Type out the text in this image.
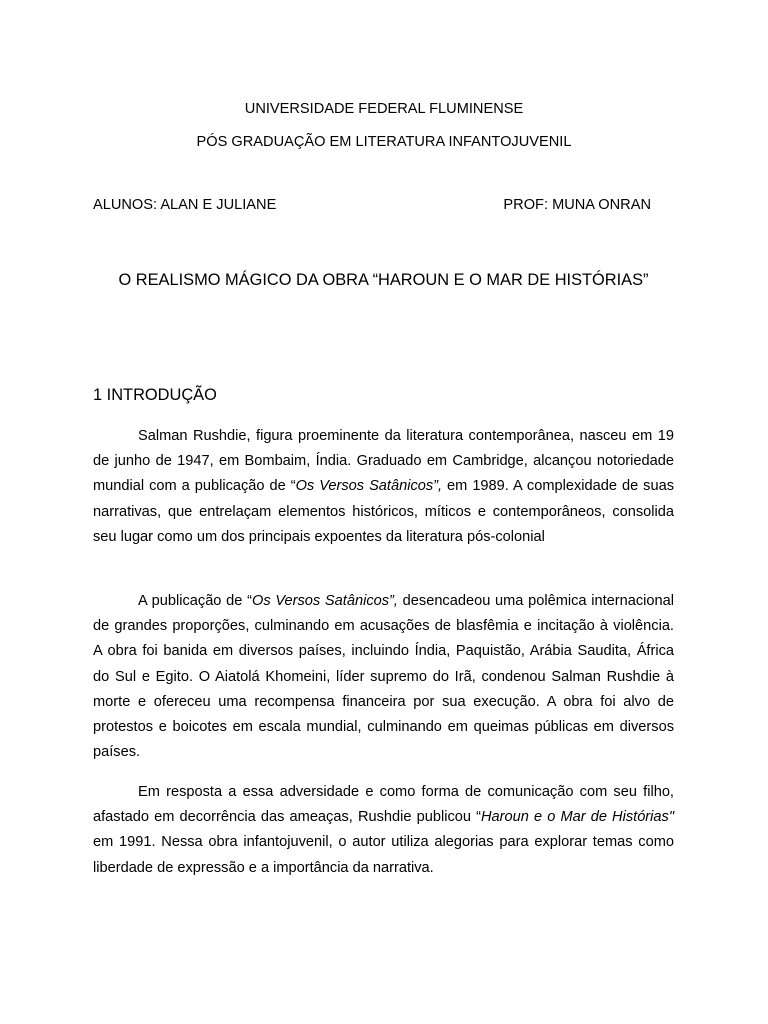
UNIVERSIDADE FEDERAL FLUMINENSE
PÓS GRADUAÇÃO EM LITERATURA INFANTOJUVENIL
ALUNOS: ALAN E JULIANE	PROF: MUNA ONRAN
O REALISMO MÁGICO DA OBRA “HAROUN E O MAR DE HISTÓRIAS”
1 INTRODUÇÃO

Salman Rushdie, figura proeminente da literatura contemporânea, nasceu em 19 de junho de 1947, em Bombaim, Índia. Graduado em Cambridge, alcançou notoriedade mundial com a publicação de “Os Versos Satânicos”, em 1989. A complexidade de suas narrativas, que entrelaçam elementos históricos, míticos e contemporâneos, consolida seu lugar como um dos principais expoentes da literatura pós-colonial

A publicação de “Os Versos Satânicos”, desencadeou uma polêmica internacional de grandes proporções, culminando em acusações de blasfêmia e incitação à violência. A obra foi banida em diversos países, incluindo Índia, Paquistão, Arábia Saudita, África do Sul e Egito. O Aiatolá Khomeini, líder supremo do Irã, condenou Salman Rushdie à morte e ofereceu uma recompensa financeira por sua execução. A obra foi alvo de protestos e boicotes em escala mundial, culminando em queimas públicas em diversos países.

Em resposta a essa adversidade e como forma de comunicação com seu filho, afastado em decorrência das ameaças, Rushdie publicou “Haroun e o Mar de Histórias" em 1991. Nessa obra infantojuvenil, o autor utiliza alegorias para explorar temas como liberdade de expressão e a importância da narrativa.
